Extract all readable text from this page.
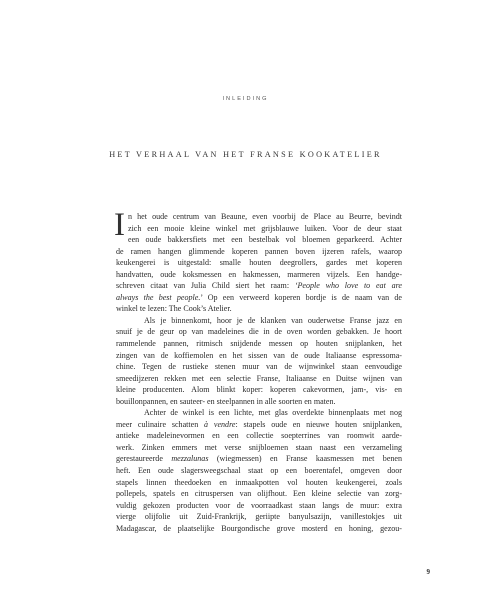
INLEIDING
HET VERHAAL VAN HET FRANSE KOOKATELIER
I n het oude centrum van Beaune, even voorbij de Place au Beurre, bevindt
zich een mooie kleine winkel met grijsblauwe luiken. Voor de deur staat
een oude bakkersfiets met een bestelbak vol bloemen geparkeerd. Achter
de ramen hangen glimmende koperen pannen boven ijzeren rafels, waarop
keukengerei is uitgestald: smalle houten deegrollers, gardes met koperen
handvatten, oude koksmessen en hakmessen, marmeren vijzels. Een handge-
schreven citaat van Julia Child siert het raam: ‘People who love to eat are
always the best people.’ Op een verweerd koperen bordje is de naam van de
winkel te lezen: The Cook’s Atelier.
Als je binnenkomt, hoor je de klanken van ouderwetse Franse jazz en
snuif je de geur op van madeleines die in de oven worden gebakken. Je hoort
rammelende pannen, ritmisch snijdende messen op houten snijplanken, het
zingen van de koffiemolen en het sissen van de oude Italiaanse espressoma-
chine. Tegen de rustieke stenen muur van de wijnwinkel staan eenvoudige
smeedijzeren rekken met een selectie Franse, Italiaanse en Duitse wijnen van
kleine producenten. Alom blinkt koper: koperen cakevormen, jam-, vis- en
bouillonpannen, en sauteer- en steelpannen in alle soorten en maten.
Achter de winkel is een lichte, met glas overdekte binnenplaats met nog
meer culinaire schatten à vendre: stapels oude en nieuwe houten snijplanken,
antieke madeleinevormen en een collectie soepterrines van roomwit aarde-
werk. Zinken emmers met verse snijbloemen staan naast een verzameling
gerestaureerde mezzalunas (wiegmessen) en Franse kaasmessen met benen
heft. Een oude slagersweegschaal staat op een boerentafel, omgeven door
stapels linnen theedoeken en inmaakpotten vol houten keukengerei, zoals
pollepels, spatels en citruspersen van olijfhout. Een kleine selectie van zorg-
vuldig gekozen producten voor de voorraadkast staan langs de muur: extra
vierge olijfolie uit Zuid-Frankrijk, geriipte banyulsazijn, vanillestokjes uit
Madagascar, de plaatselijke Bourgondische grove mosterd en honing, gezou-
9
